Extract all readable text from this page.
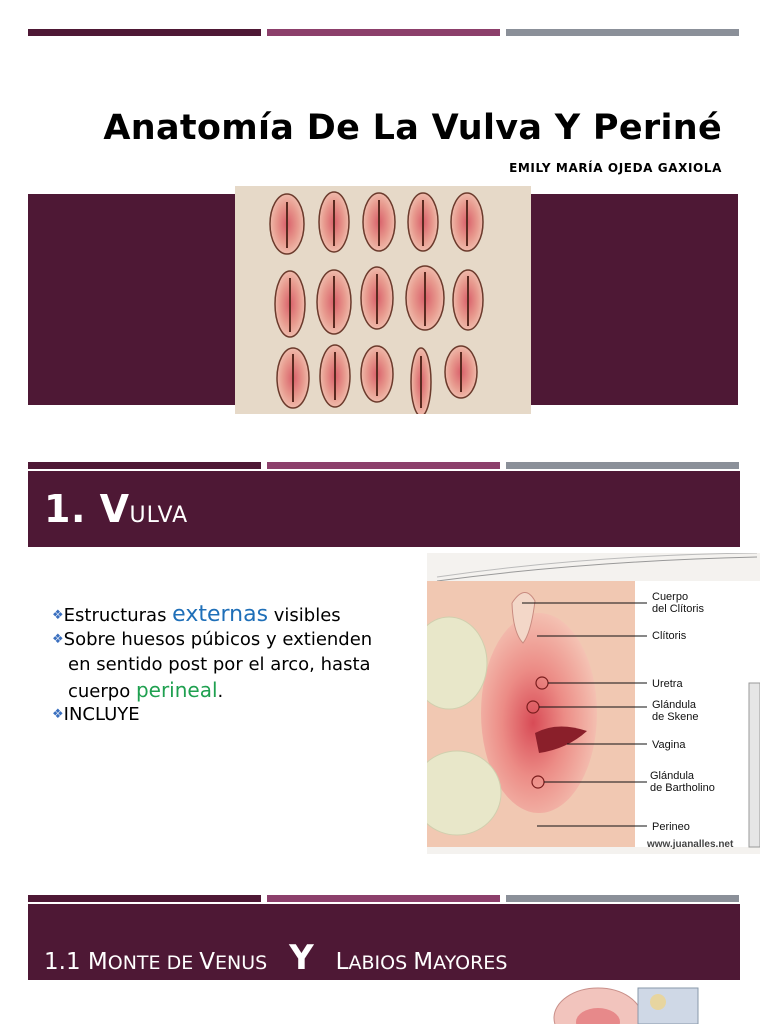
Anatomía De La Vulva Y Periné
EMILY MARÍA OJEDA GAXIOLA
1. VULVA
❖Estructuras externas visibles
❖Sobre huesos púbicos y extienden
en sentido post por el arco, hasta
cuerpo perineal.
❖INCLUYE
Cuerpo
del Clítoris
Clítoris
Uretra
Glándula
de Skene
Vagina
Glándula
de Bartholino
Perineo
www.juanalles.net
1.1 MONTE DE VENUS Y LABIOS MAYORES
